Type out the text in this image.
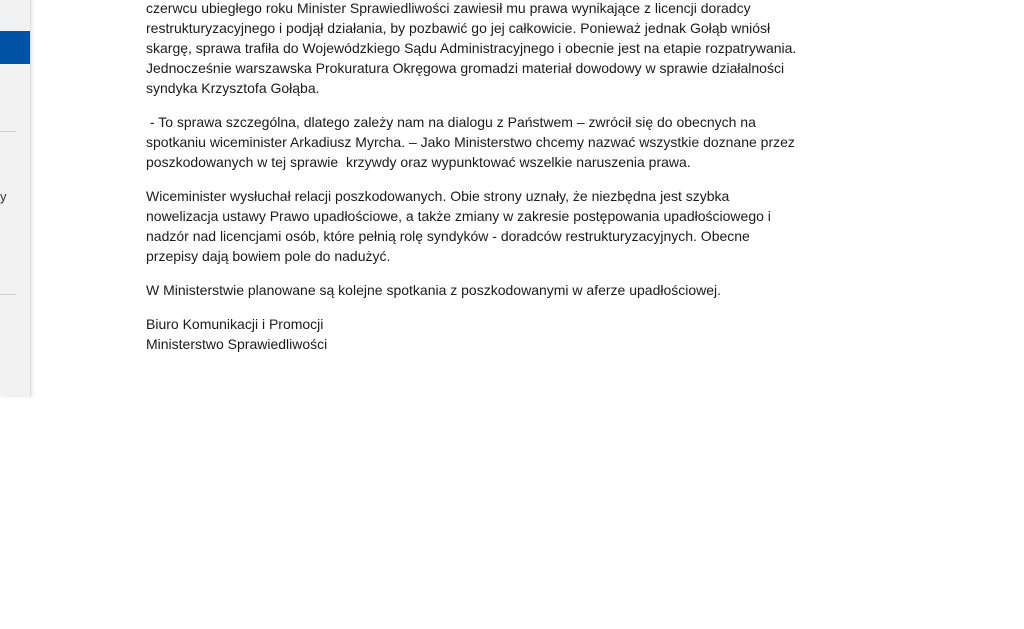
y

czerwcu ubiegłego roku Minister Sprawiedliwości zawiesił mu prawa wynikające z licencji doradcy restrukturyzacyjnego i podjął działania, by pozbawić go jej całkowicie. Ponieważ jednak Gołąb wniósł skargę, sprawa trafiła do Wojewódzkiego Sądu Administracyjnego i obecnie jest na etapie rozpatrywania. Jednocześnie warszawska Prokuratura Okręgowa gromadzi materiał dowodowy w sprawie działalności syndyka Krzysztofa Gołąba.

- To sprawa szczególna, dlatego zależy nam na dialogu z Państwem – zwrócił się do obecnych na spotkaniu wiceminister Arkadiusz Myrcha. – Jako Ministerstwo chcemy nazwać wszystkie doznane przez poszkodowanych w tej sprawie  krzywdy oraz wypunktować wszelkie naruszenia prawa.

Wiceminister wysłuchał relacji poszkodowanych. Obie strony uznały, że niezbędna jest szybka nowelizacja ustawy Prawo upadłościowe, a także zmiany w zakresie postępowania upadłościowego i nadzór nad licencjami osób, które pełnią rolę syndyków - doradców restrukturyzacyjnych. Obecne przepisy dają bowiem pole do nadużyć.

W Ministerstwie planowane są kolejne spotkania z poszkodowanymi w aferze upadłościowej.

Biuro Komunikacji i Promocji
Ministerstwo Sprawiedliwości
